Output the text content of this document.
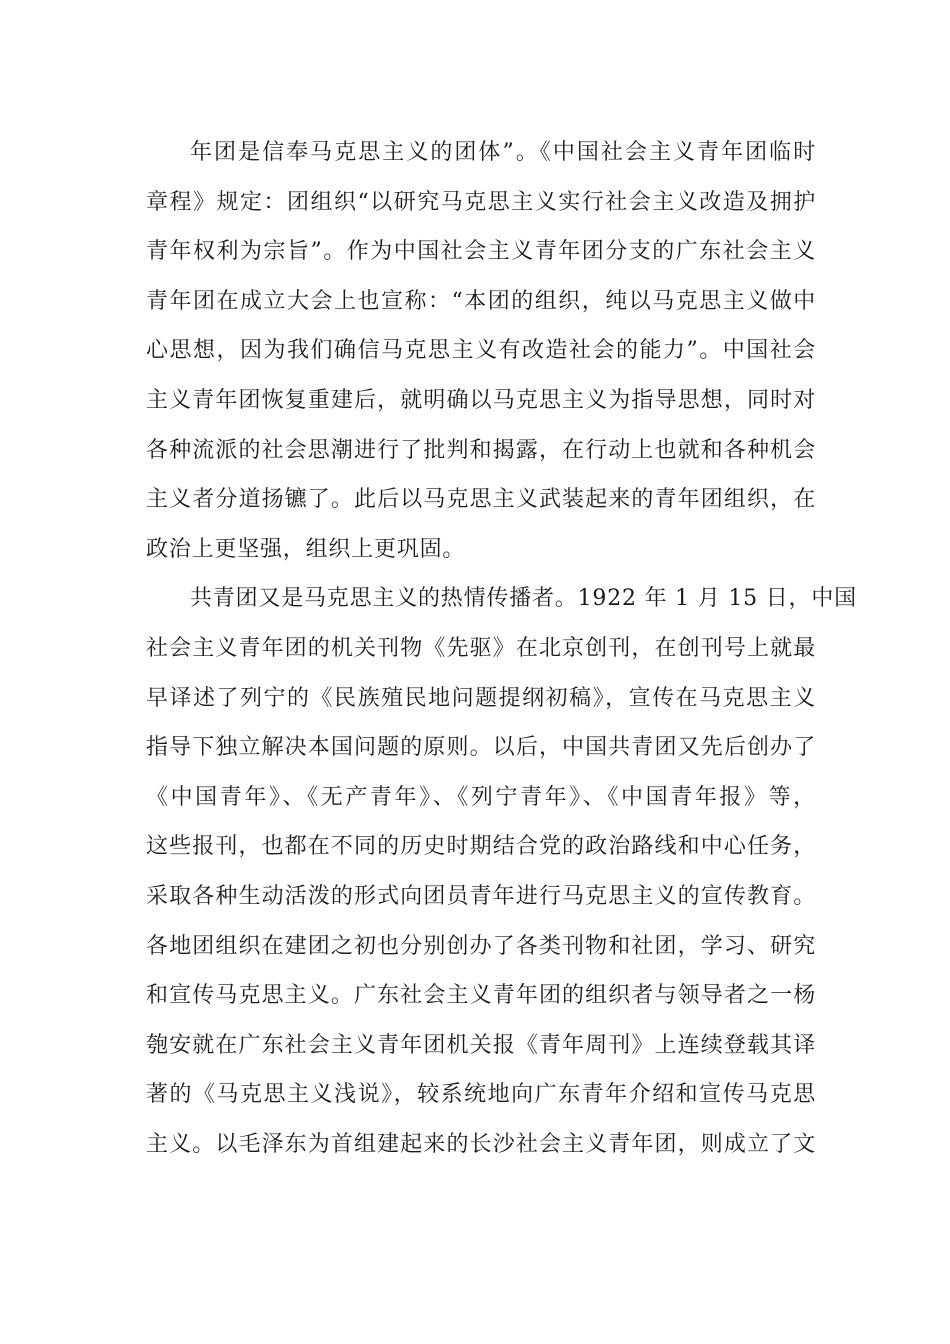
年团是信奉马克思主义的团体”。《中国社会主义青年团临时
章程》规定：团组织“以研究马克思主义实行社会主义改造及拥护
青年权利为宗旨”。作为中国社会主义青年团分支的广东社会主义
青年团在成立大会上也宣称：“本团的组织，纯以马克思主义做中
心思想，因为我们确信马克思主义有改造社会的能力”。中国社会
主义青年团恢复重建后，就明确以马克思主义为指导思想，同时对
各种流派的社会思潮进行了批判和揭露，在行动上也就和各种机会
主义者分道扬镳了。此后以马克思主义武装起来的青年团组织，在
政治上更坚强，组织上更巩固。
共青团又是马克思主义的热情传播者。1922 年 1 月 15 日，中国
社会主义青年团的机关刊物《先驱》在北京创刊，在创刊号上就最
早译述了列宁的《民族殖民地问题提纲初稿》，宣传在马克思主义
指导下独立解决本国问题的原则。以后，中国共青团又先后创办了
《中国青年》、《无产青年》、《列宁青年》、《中国青年报》等，
这些报刊，也都在不同的历史时期结合党的政治路线和中心任务，
采取各种生动活泼的形式向团员青年进行马克思主义的宣传教育。
各地团组织在建团之初也分别创办了各类刊物和社团，学习、研究
和宣传马克思主义。广东社会主义青年团的组织者与领导者之一杨
匏安就在广东社会主义青年团机关报《青年周刊》上连续登载其译
著的《马克思主义浅说》，较系统地向广东青年介绍和宣传马克思
主义。以毛泽东为首组建起来的长沙社会主义青年团，则成立了文
